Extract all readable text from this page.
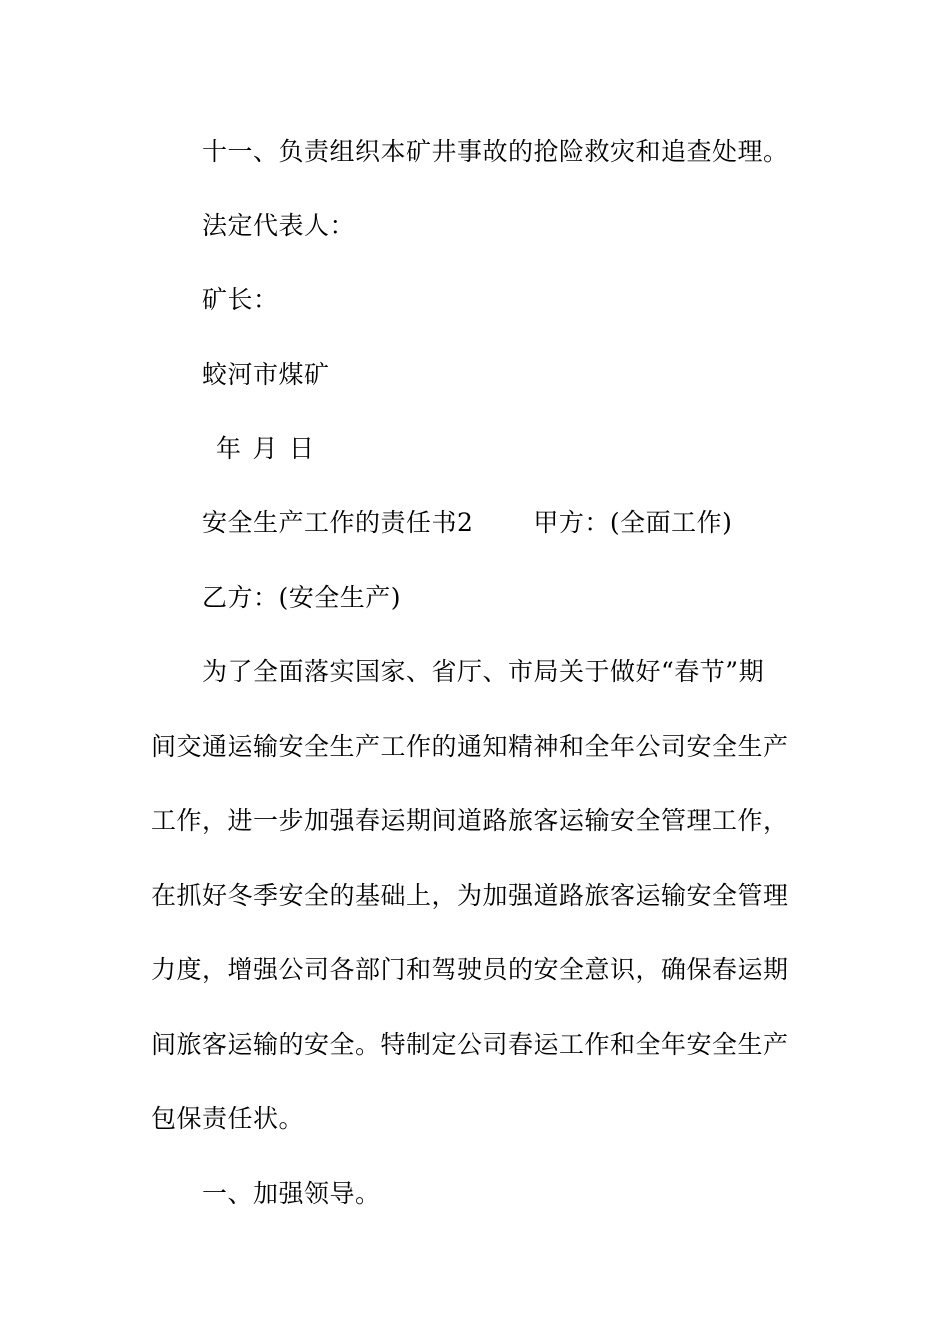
十一、负责组织本矿井事故的抢险救灾和追查处理。
法定代表人：
矿长：
蛟河市煤矿
年 月 日
安全生产工作的责任书2 甲方：(全面工作)
乙方：(安全生产)
为了全面落实国家、省厅、市局关于做好“春节”期
间交通运输安全生产工作的通知精神和全年公司安全生产
工作，进一步加强春运期间道路旅客运输安全管理工作，
在抓好冬季安全的基础上，为加强道路旅客运输安全管理
力度，增强公司各部门和驾驶员的安全意识，确保春运期
间旅客运输的安全。特制定公司春运工作和全年安全生产
包保责任状。
一、加强领导。
